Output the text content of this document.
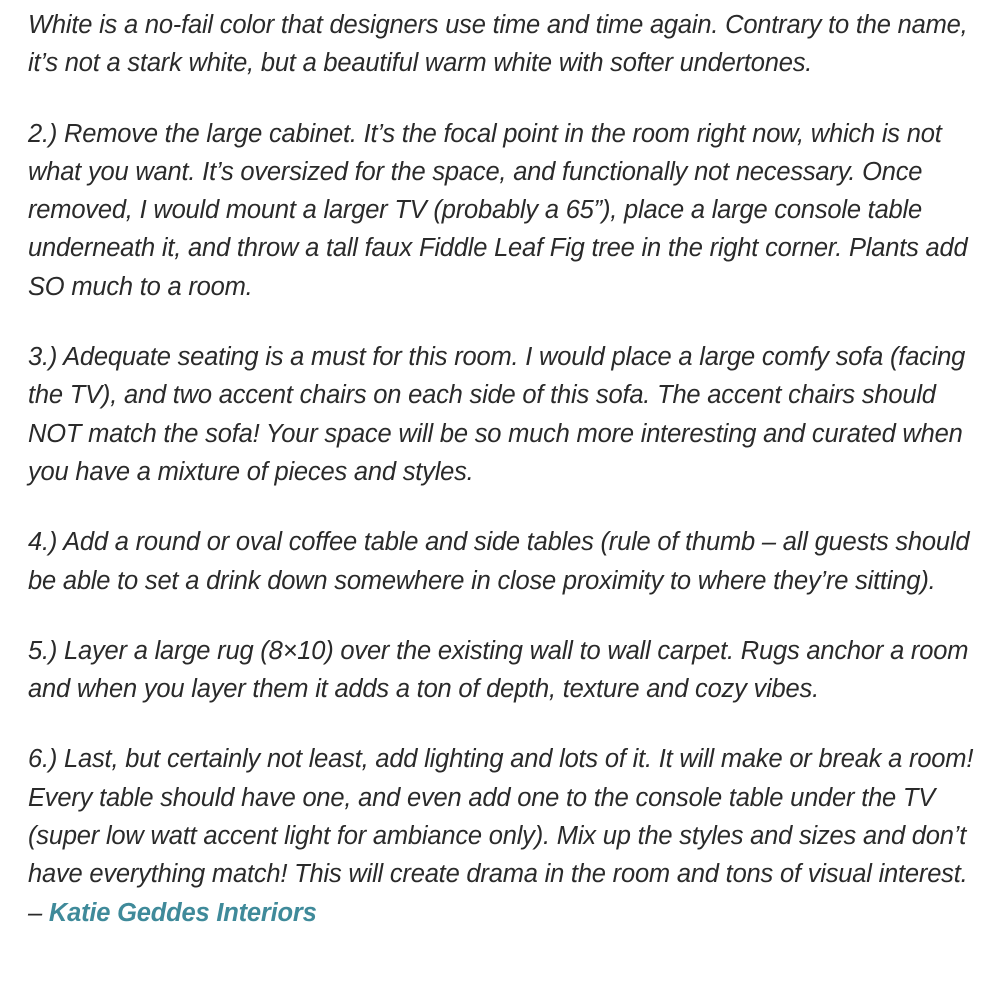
White is a no-fail color that designers use time and time again. Contrary to the name, it’s not a stark white, but a beautiful warm white with softer undertones.

2.) Remove the large cabinet. It’s the focal point in the room right now, which is not what you want. It’s oversized for the space, and functionally not necessary. Once removed, I would mount a larger TV (probably a 65”), place a large console table underneath it, and throw a tall faux Fiddle Leaf Fig tree in the right corner. Plants add SO much to a room.

3.) Adequate seating is a must for this room. I would place a large comfy sofa (facing the TV), and two accent chairs on each side of this sofa. The accent chairs should NOT match the sofa! Your space will be so much more interesting and curated when you have a mixture of pieces and styles.

4.) Add a round or oval coffee table and side tables (rule of thumb – all guests should be able to set a drink down somewhere in close proximity to where they’re sitting).

5.) Layer a large rug (8×10) over the existing wall to wall carpet. Rugs anchor a room and when you layer them it adds a ton of depth, texture and cozy vibes.

6.) Last, but certainly not least, add lighting and lots of it. It will make or break a room! Every table should have one, and even add one to the console table under the TV (super low watt accent light for ambiance only). Mix up the styles and sizes and don’t have everything match! This will create drama in the room and tons of visual interest. – Katie Geddes Interiors
